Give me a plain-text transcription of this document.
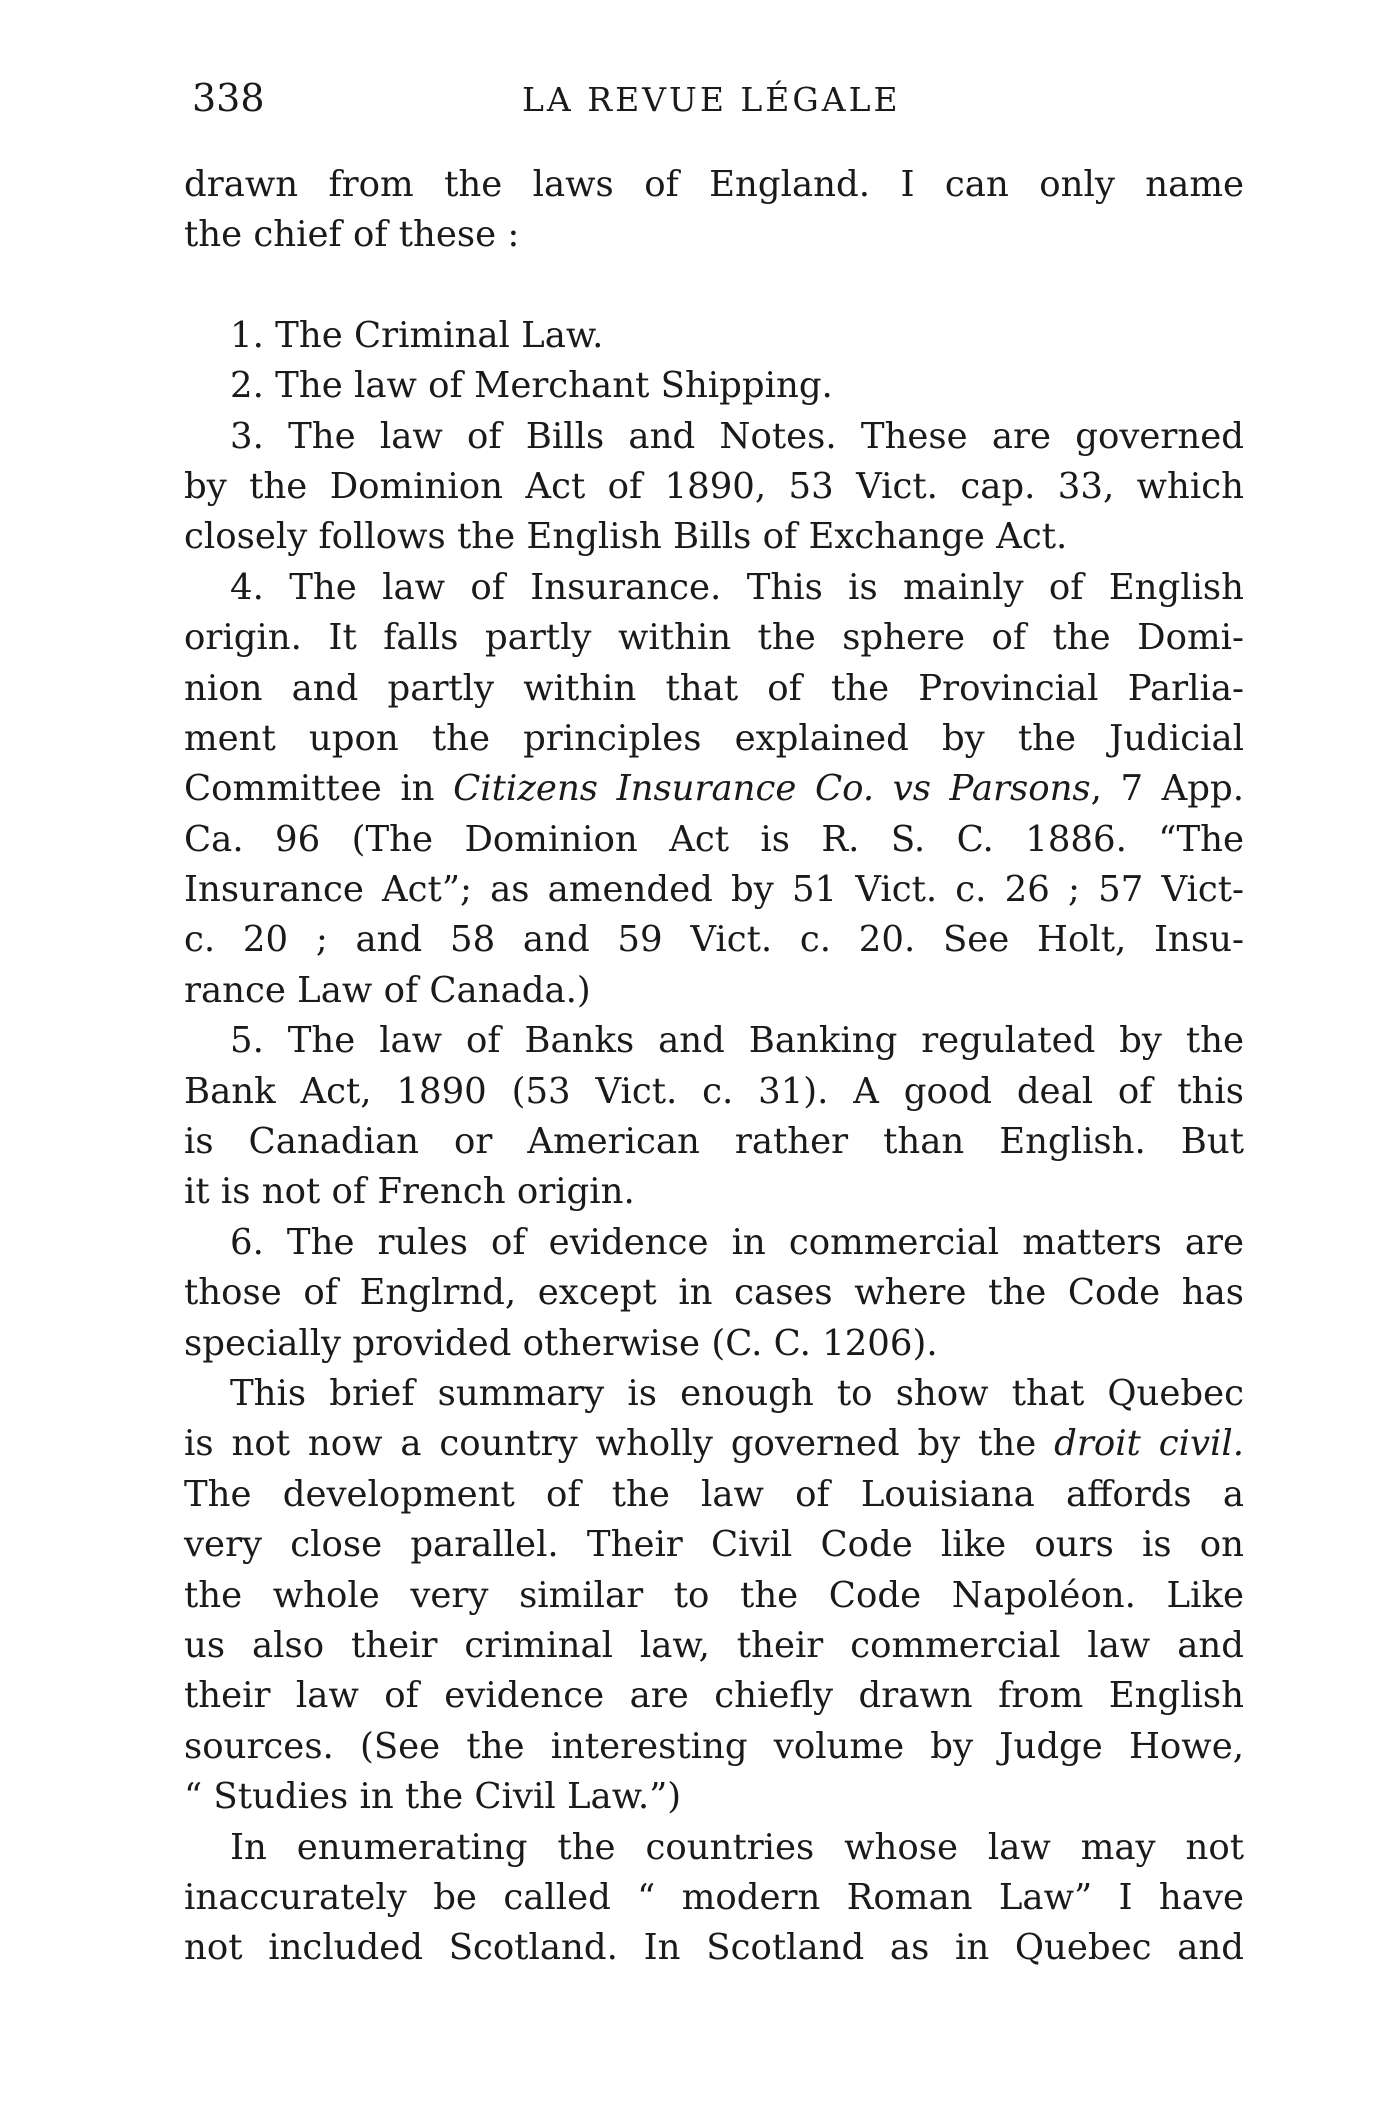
338	LA REVUE LÉGALE
drawn from the laws of England. I can only name
the chief of these :
1. The Criminal Law.
2. The law of Merchant Shipping.
3. The law of Bills and Notes. These are governed
by the Dominion Act of 1890, 53 Vict. cap. 33, which
closely follows the English Bills of Exchange Act.
4. The law of Insurance. This is mainly of English
origin. It falls partly within the sphere of the Domi-
nion and partly within that of the Provincial Parlia-
ment upon the principles explained by the Judicial
Committee in Citizens Insurance Co. vs Parsons, 7 App.
Ca. 96 (The Dominion Act is R. S. C. 1886. “The
Insurance Act”; as amended by 51 Vict. c. 26 ; 57 Vict-
c. 20 ; and 58 and 59 Vict. c. 20. See Holt, Insu-
rance Law of Canada.)
5. The law of Banks and Banking regulated by the
Bank Act, 1890 (53 Vict. c. 31). A good deal of this
is Canadian or American rather than English. But
it is not of French origin.
6. The rules of evidence in commercial matters are
those of Englrnd, except in cases where the Code has
specially provided otherwise (C. C. 1206).
This brief summary is enough to show that Quebec
is not now a country wholly governed by the droit civil.
The development of the law of Louisiana affords a
very close parallel. Their Civil Code like ours is on
the whole very similar to the Code Napoléon. Like
us also their criminal law, their commercial law and
their law of evidence are chiefly drawn from English
sources. (See the interesting volume by Judge Howe,
“ Studies in the Civil Law.”)
In enumerating the countries whose law may not
inaccurately be called “ modern Roman Law” I have
not included Scotland. In Scotland as in Quebec and
